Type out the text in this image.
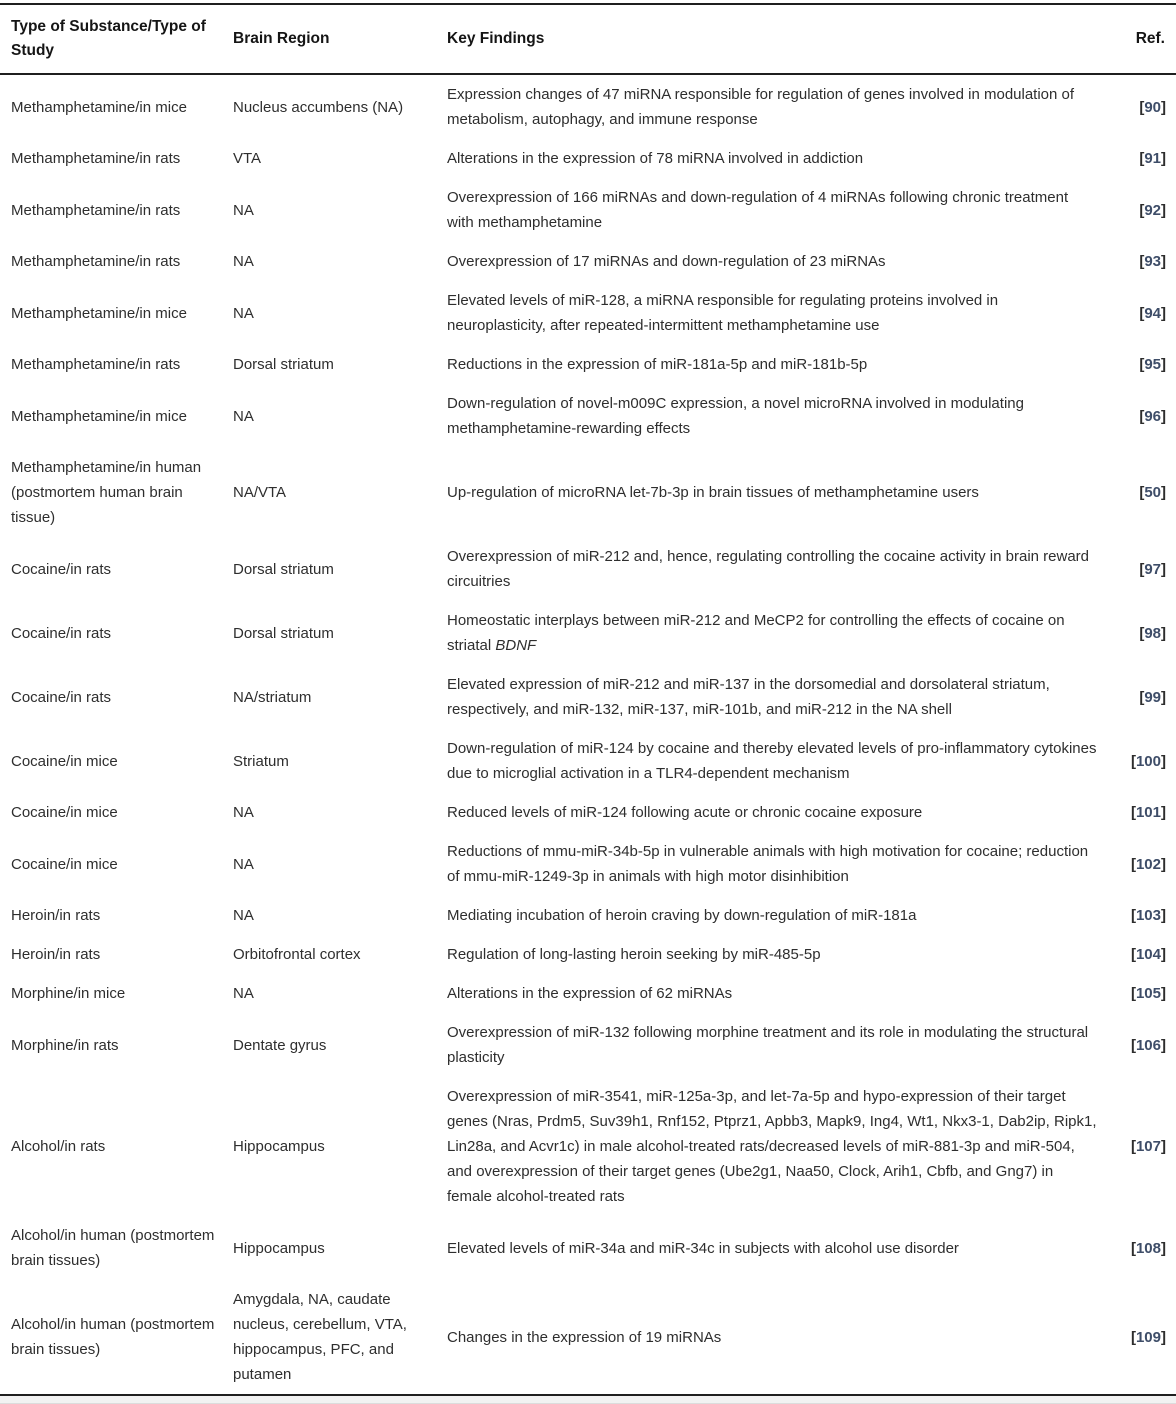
Type of Substance/Type of Study	Brain Region	Key Findings	Ref.
Methamphetamine/in mice	Nucleus accumbens (NA)	Expression changes of 47 miRNA responsible for regulation of genes involved in modulation of metabolism, autophagy, and immune response	[90]
Methamphetamine/in rats	VTA	Alterations in the expression of 78 miRNA involved in addiction	[91]
Methamphetamine/in rats	NA	Overexpression of 166 miRNAs and down-regulation of 4 miRNAs following chronic treatment with methamphetamine	[92]
Methamphetamine/in rats	NA	Overexpression of 17 miRNAs and down-regulation of 23 miRNAs	[93]
Methamphetamine/in mice	NA	Elevated levels of miR-128, a miRNA responsible for regulating proteins involved in neuroplasticity, after repeated-intermittent methamphetamine use	[94]
Methamphetamine/in rats	Dorsal striatum	Reductions in the expression of miR-181a-5p and miR-181b-5p	[95]
Methamphetamine/in mice	NA	Down-regulation of novel-m009C expression, a novel microRNA involved in modulating methamphetamine-rewarding effects	[96]
Methamphetamine/in human (postmortem human brain tissue)	NA/VTA	Up-regulation of microRNA let-7b-3p in brain tissues of methamphetamine users	[50]
Cocaine/in rats	Dorsal striatum	Overexpression of miR-212 and, hence, regulating controlling the cocaine activity in brain reward circuitries	[97]
Cocaine/in rats	Dorsal striatum	Homeostatic interplays between miR-212 and MeCP2 for controlling the effects of cocaine on striatal BDNF	[98]
Cocaine/in rats	NA/striatum	Elevated expression of miR-212 and miR-137 in the dorsomedial and dorsolateral striatum, respectively, and miR-132, miR-137, miR-101b, and miR-212 in the NA shell	[99]
Cocaine/in mice	Striatum	Down-regulation of miR-124 by cocaine and thereby elevated levels of pro-inflammatory cytokines due to microglial activation in a TLR4-dependent mechanism	[100]
Cocaine/in mice	NA	Reduced levels of miR-124 following acute or chronic cocaine exposure	[101]
Cocaine/in mice	NA	Reductions of mmu-miR-34b-5p in vulnerable animals with high motivation for cocaine; reduction of mmu-miR-1249-3p in animals with high motor disinhibition	[102]
Heroin/in rats	NA	Mediating incubation of heroin craving by down-regulation of miR-181a	[103]
Heroin/in rats	Orbitofrontal cortex	Regulation of long-lasting heroin seeking by miR-485-5p	[104]
Morphine/in mice	NA	Alterations in the expression of 62 miRNAs	[105]
Morphine/in rats	Dentate gyrus	Overexpression of miR-132 following morphine treatment and its role in modulating the structural plasticity	[106]
Alcohol/in rats	Hippocampus	Overexpression of miR-3541, miR-125a-3p, and let-7a-5p and hypo-expression of their target genes (Nras, Prdm5, Suv39h1, Rnf152, Ptprz1, Apbb3, Mapk9, Ing4, Wt1, Nkx3-1, Dab2ip, Ripk1, Lin28a, and Acvr1c) in male alcohol-treated rats/decreased levels of miR-881-3p and miR-504, and overexpression of their target genes (Ube2g1, Naa50, Clock, Arih1, Cbfb, and Gng7) in female alcohol-treated rats	[107]
Alcohol/in human (postmortem brain tissues)	Hippocampus	Elevated levels of miR-34a and miR-34c in subjects with alcohol use disorder	[108]
Alcohol/in human (postmortem brain tissues)	Amygdala, NA, caudate nucleus, cerebellum, VTA, hippocampus, PFC, and putamen	Changes in the expression of 19 miRNAs	[109]
